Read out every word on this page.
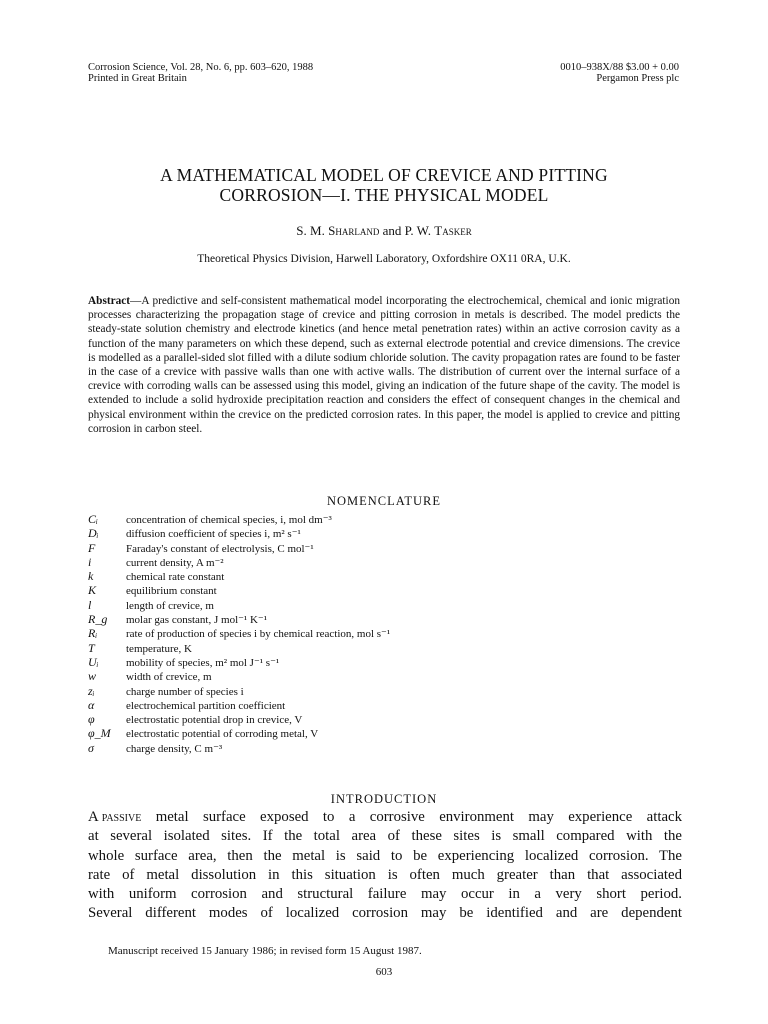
Corrosion Science, Vol. 28, No. 6, pp. 603–620, 1988
Printed in Great Britain
0010–938X/88 $3.00 + 0.00
Pergamon Press plc
A MATHEMATICAL MODEL OF CREVICE AND PITTING
CORROSION—I. THE PHYSICAL MODEL
S. M. Sharland and P. W. Tasker
Theoretical Physics Division, Harwell Laboratory, Oxfordshire OX11 0RA, U.K.
Abstract—A predictive and self-consistent mathematical model incorporating the electrochemical, chemical and ionic migration processes characterizing the propagation stage of crevice and pitting corrosion in metals is described. The model predicts the steady-state solution chemistry and electrode kinetics (and hence metal penetration rates) within an active corrosion cavity as a function of the many parameters on which these depend, such as external electrode potential and crevice dimensions. The crevice is modelled as a parallel-sided slot filled with a dilute sodium chloride solution. The cavity propagation rates are found to be faster in the case of a crevice with passive walls than one with active walls. The distribution of current over the internal surface of a crevice with corroding walls can be assessed using this model, giving an indication of the future shape of the cavity. The model is extended to include a solid hydroxide precipitation reaction and considers the effect of consequent changes in the chemical and physical environment within the crevice on the predicted corrosion rates. In this paper, the model is applied to crevice and pitting corrosion in carbon steel.
NOMENCLATURE
Cᵢ	concentration of chemical species, i, mol dm⁻³
Dᵢ diffusion coefficient of species i, m² s⁻¹
F	Faraday's constant of electrolysis, C mol⁻¹
i	current density, A m⁻²
k	chemical rate constant
K	equilibrium constant
l	length of crevice, m
R_g molar gas constant, J mol⁻¹ K⁻¹
Rᵢ	rate of production of species i by chemical reaction, mol s⁻¹
T	temperature, K
Uᵢ mobility of species, m² mol J⁻¹ s⁻¹
w	width of crevice, m
zᵢ	charge number of species i
α	electrochemical partition coefficient
φ	electrostatic potential drop in crevice, V
φ_M electrostatic potential of corroding metal, V
σ	charge density, C m⁻³
INTRODUCTION
A passive metal surface exposed to a corrosive environment may experience attack
at several isolated sites. If the total area of these sites is small compared with the
whole surface area, then the metal is said to be experiencing localized corrosion. The
rate of metal dissolution in this situation is often much greater than that associated
with uniform corrosion and structural failure may occur in a very short period.
Several different modes of localized corrosion may be identified and are dependent
Manuscript received 15 January 1986; in revised form 15 August 1987.
603
